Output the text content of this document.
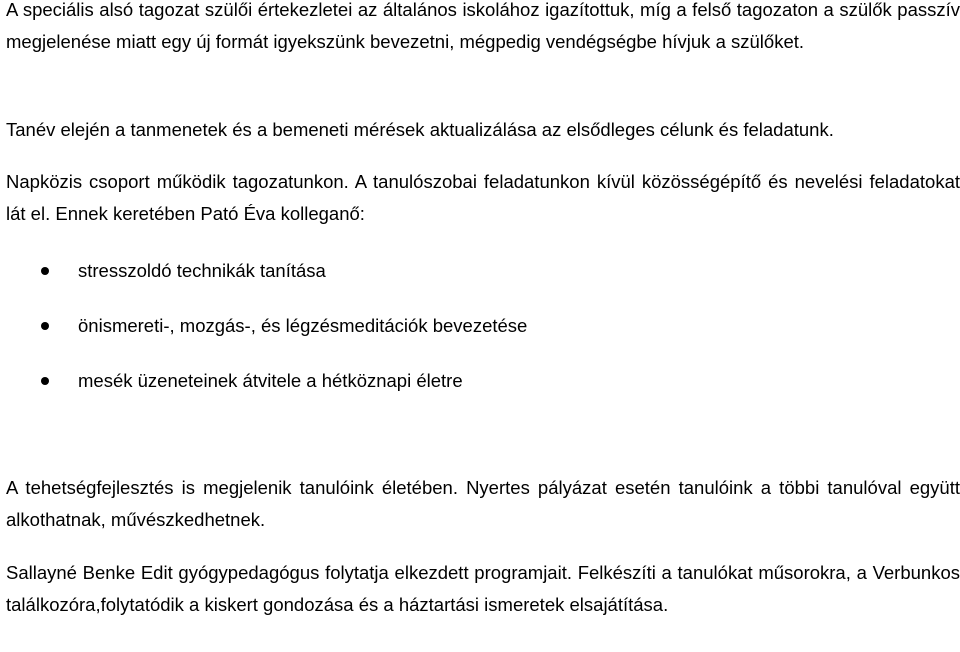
A speciális alsó tagozat szülői értekezletei az általános iskolához igazítottuk, míg a felső tagozaton a szülők passzív megjelenése miatt egy új formát igyekszünk bevezetni, mégpedig vendégségbe hívjuk a szülőket.

Tanév elején a tanmenetek és a bemeneti mérések aktualizálása az elsődleges célunk és feladatunk.

Napközis csoport működik tagozatunkon. A tanulószobai feladatunkon kívül közösségépítő és nevelési feladatokat lát el. Ennek keretében Pató Éva kolleganő:

stresszoldó technikák tanítása
önismereti-, mozgás-, és légzésmeditációk bevezetése
mesék üzeneteinek átvitele a hétköznapi életre

A tehetségfejlesztés is megjelenik tanulóink életében. Nyertes pályázat esetén tanulóink a többi tanulóval együtt alkothatnak, művészkedhetnek.

Sallayné Benke Edit gyógypedagógus folytatja elkezdett programjait. Felkészíti a tanulókat műsorokra, a Verbunkos találkozóra,folytatódik a kiskert gondozása és a háztartási ismeretek elsajátítása.
